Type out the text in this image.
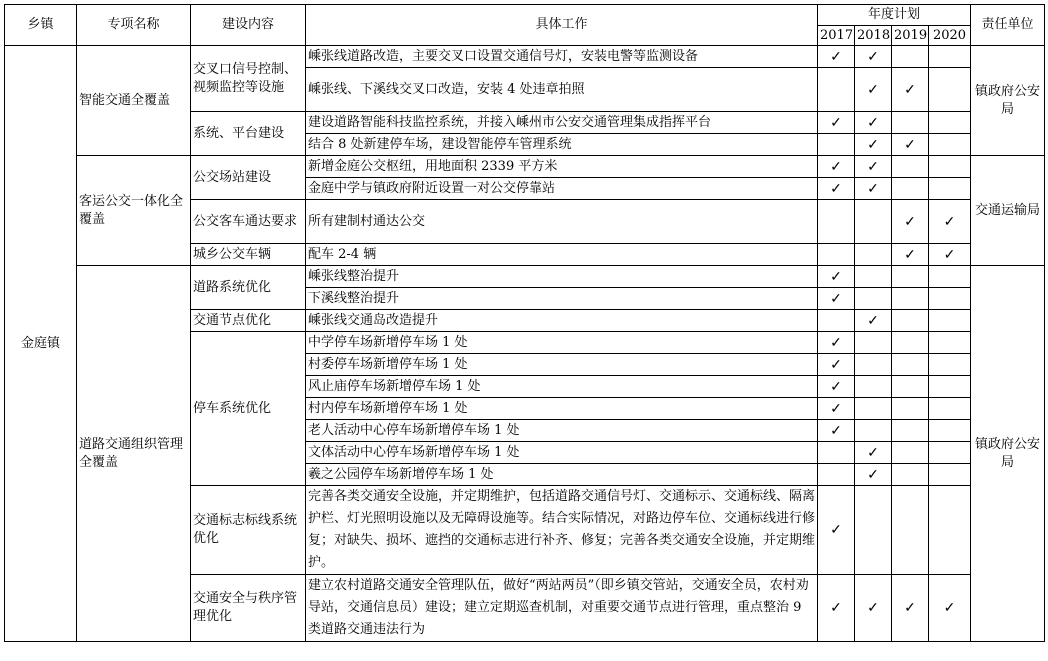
乡镇	专项名称	建设内容	具体工作	年度计划				责任单位
				2017	2018	2019	2020	
金庭镇	智能交通全覆盖	交叉口信号控制、视频监控等设施	嵊张线道路改造，主要交叉口设置交通信号灯，安装电警等监测设备	✓	✓			镇政府公安局
			嵊张线、下溪线交叉口改造，安装 4 处违章拍照		✓	✓		
		系统、平台建设	建设道路智能科技监控系统，并接入嵊州市公安交通管理集成指挥平台	✓	✓			
			结合 8 处新建停车场，建设智能停车管理系统		✓	✓		
	客运公交一体化全覆盖	公交场站建设	新增金庭公交枢纽，用地面积 2339 平方米	✓	✓			交通运输局
			金庭中学与镇政府附近设置一对公交停靠站	✓	✓			
		公交客车通达要求	所有建制村通达公交			✓	✓	
		城乡公交车辆	配车 2-4 辆			✓	✓	
	道路交通组织管理全覆盖	道路系统优化	嵊张线整治提升	✓				镇政府公安局
			下溪线整治提升	✓				
		交通节点优化	嵊张线交通岛改造提升		✓			
		停车系统优化	中学停车场新增停车场 1 处	✓				
			村委停车场新增停车场 1 处	✓				
			风止庙停车场新增停车场 1 处	✓				
			村内停车场新增停车场 1 处	✓				
			老人活动中心停车场新增停车场 1 处	✓				
			文体活动中心停车场新增停车场 1 处		✓			
			羲之公园停车场新增停车场 1 处		✓			
		交通标志标线系统优化	完善各类交通安全设施，并定期维护，包括道路交通信号灯、交通标示、交通标线、隔离护栏、灯光照明设施以及无障碍设施等。结合实际情况，对路边停车位、交通标线进行修复；对缺失、损坏、遮挡的交通标志进行补齐、修复；完善各类交通安全设施，并定期维护。	✓				
		交通安全与秩序管理优化	建立农村道路交通安全管理队伍，做好“两站两员”（即乡镇交管站，交通安全员，农村劝导站，交通信息员）建设；建立定期巡查机制，对重要交通节点进行管理，重点整治 9 类道路交通违法行为	✓	✓	✓	✓	
